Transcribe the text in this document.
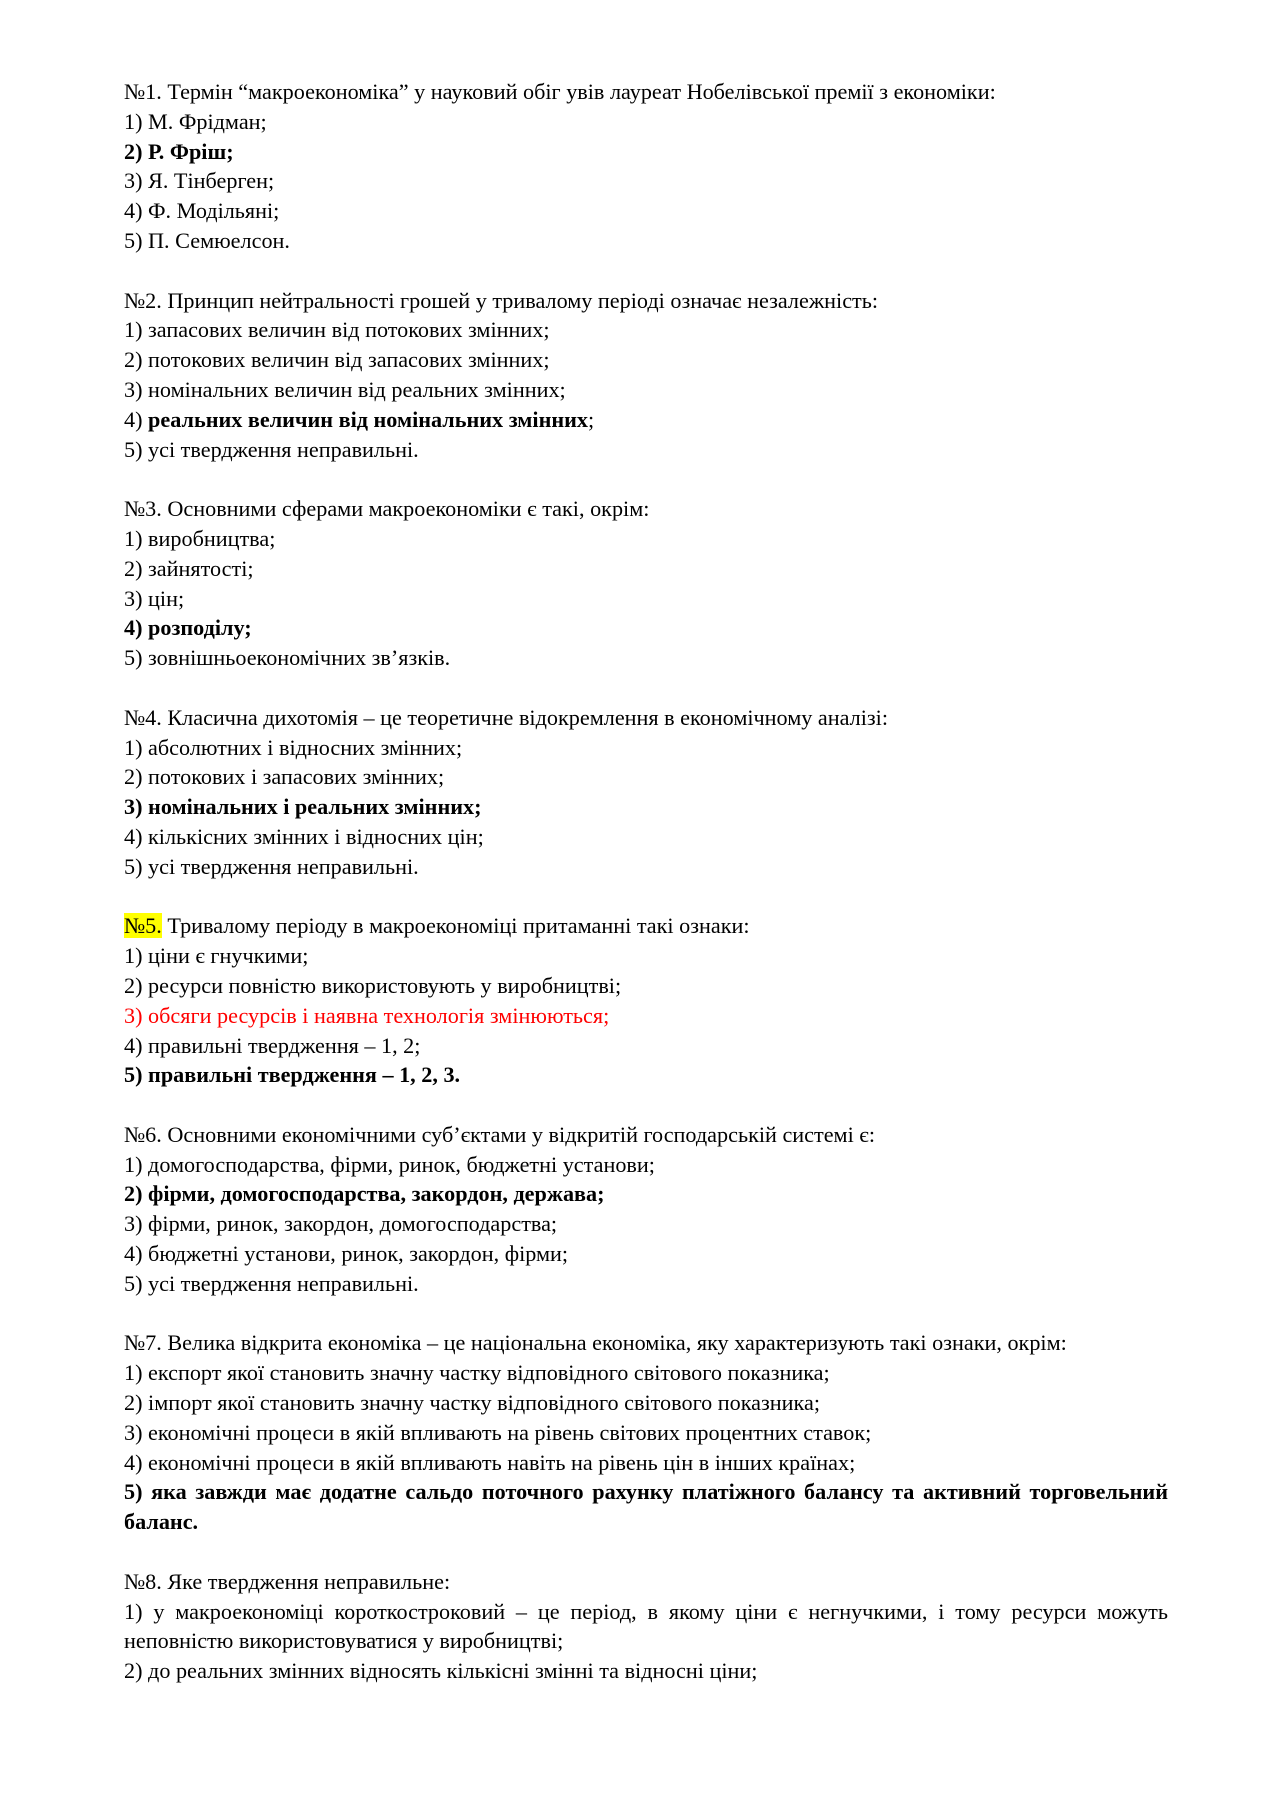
№1. Термін “макроекономіка” у науковий обіг увів лауреат Нобелівської премії з економіки:

1) М. Фрідман;

2) Р. Фріш;

3) Я. Тінберген;

4) Ф. Модільяні;

5) П. Семюелсон.

№2. Принцип нейтральності грошей у тривалому періоді означає незалежність:

1) запасових величин від потокових змінних;

2) потокових величин від запасових змінних;

3) номінальних величин від реальних змінних;

4) реальних величин від номінальних змінних;

5) усі твердження неправильні.

№3. Основними сферами макроекономіки є такі, окрім:

1) виробництва;

2) зайнятості;

3) цін;

4) розподілу;

5) зовнішньоекономічних зв’язків.

№4. Класична дихотомія – це теоретичне відокремлення в економічному аналізі:

1) абсолютних і відносних змінних;

2) потокових і запасових змінних;

3) номінальних і реальних змінних;

4) кількісних змінних і відносних цін;

5) усі твердження неправильні.

№5. Тривалому періоду в макроекономіці притаманні такі ознаки:

1) ціни є гнучкими;

2) ресурси повністю використовують у виробництві;

3) обсяги ресурсів і наявна технологія змінюються;

4) правильні твердження – 1, 2;

5) правильні твердження – 1, 2, 3.

№6. Основними економічними суб’єктами у відкритій господарській системі є:

1) домогосподарства, фірми, ринок, бюджетні установи;

2) фірми, домогосподарства, закордон, держава;

3) фірми, ринок, закордон, домогосподарства;

4) бюджетні установи, ринок, закордон, фірми;

5) усі твердження неправильні.

№7. Велика відкрита економіка – це національна економіка, яку характеризують такі ознаки, окрім:

1) експорт якої становить значну частку відповідного світового показника;

2) імпорт якої становить значну частку відповідного світового показника;

3) економічні процеси в якій впливають на рівень світових процентних ставок;

4) економічні процеси в якій впливають навіть на рівень цін в інших країнах;

5) яка завжди має додатне сальдо поточного рахунку платіжного балансу та активний торговельний баланс.

№8. Яке твердження неправильне:

1) у макроекономіці короткостроковий – це період, в якому ціни є негнучкими, і тому ресурси можуть неповністю використовуватися у виробництві;

2) до реальних змінних відносять кількісні змінні та відносні ціни;
